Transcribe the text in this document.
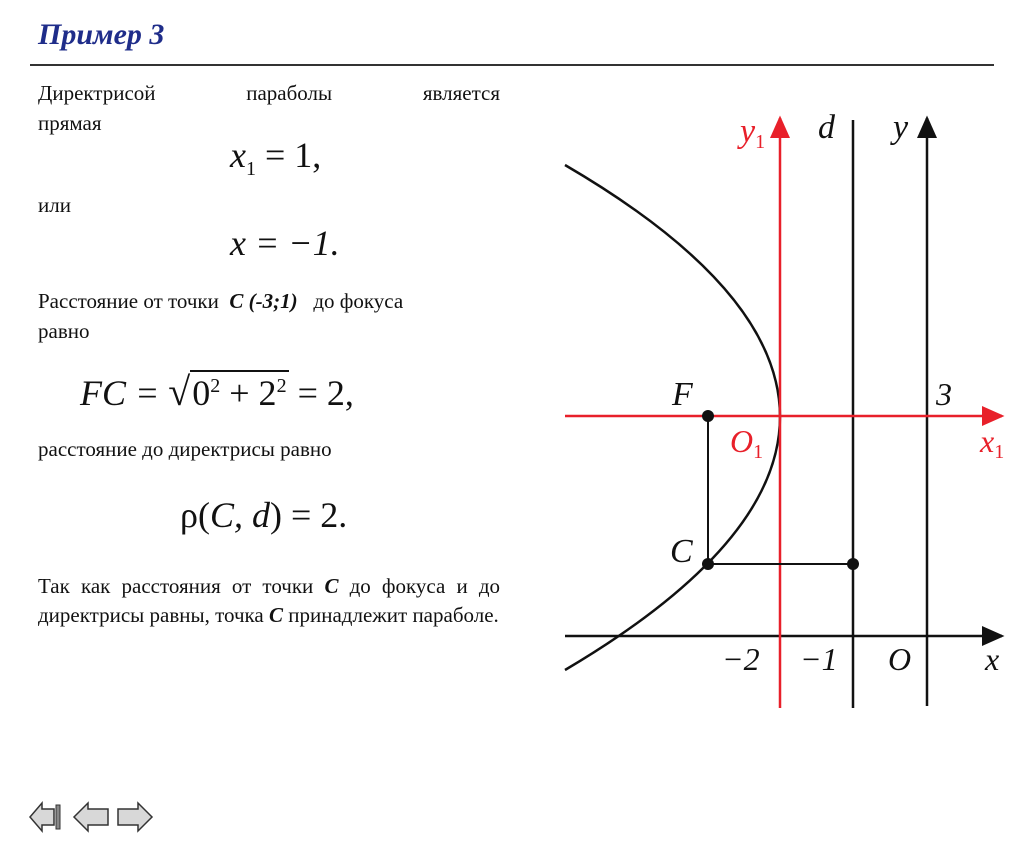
Пример 3
Директрисой параболы является
прямая
$x_1 = 1$,
или
x = −1.
Расстояние от точки C (-3;1) до фокуса
равно
FC = $√0^2 + 2^2 = 2$,
расстояние до директрисы равно
ρ(C, d) = 2.
Так как расстояния от точки C до фокуса и до директрисы равны, точка C принадлежит параболе.
y1 d y
F	3
O1	x1
C
−2 −1 O x
